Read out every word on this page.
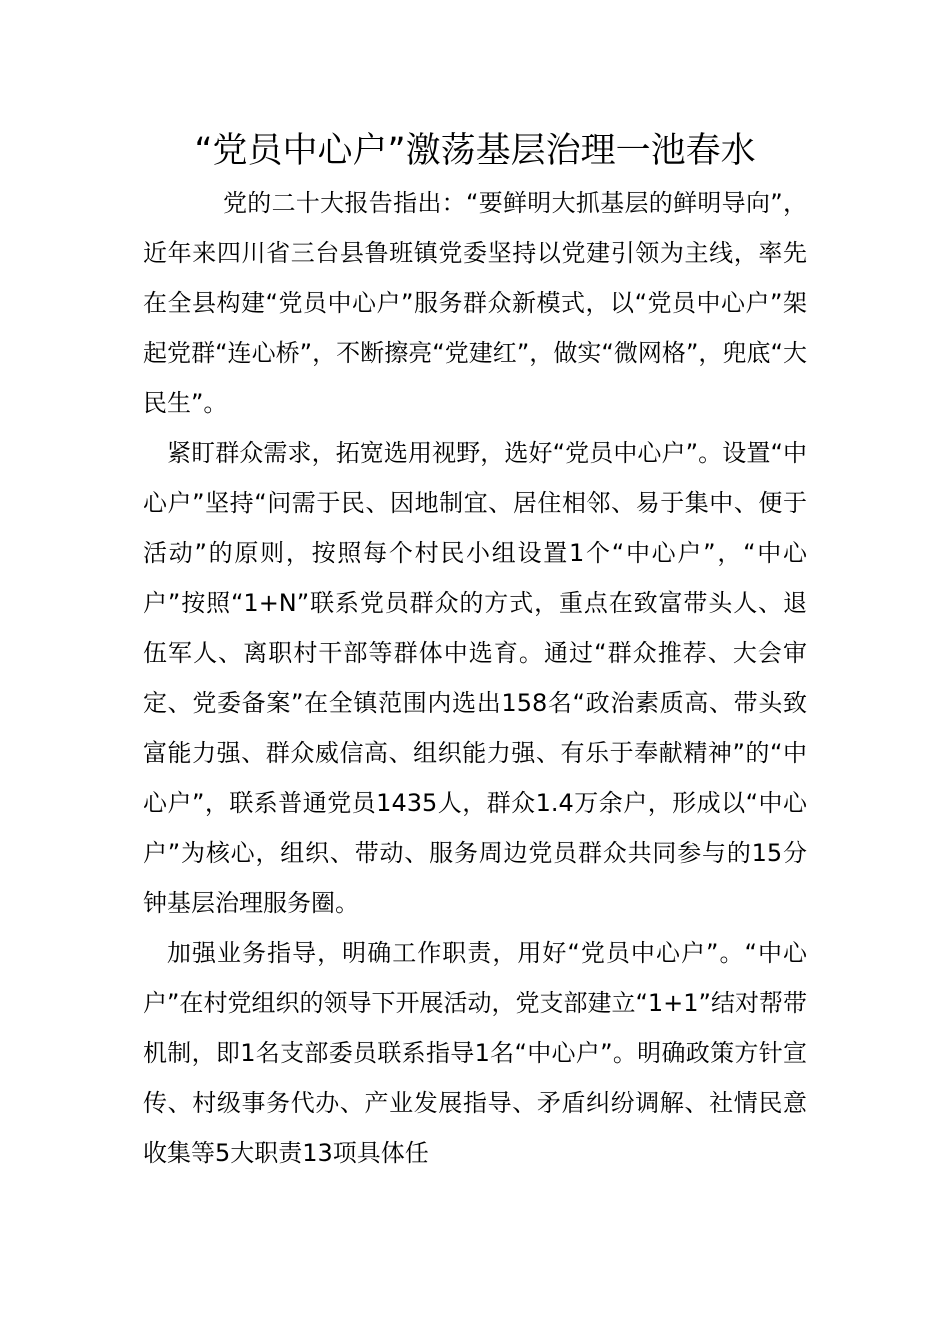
“党员中心户”激荡基层治理一池春水

党的二十大报告指出：“要鲜明大抓基层的鲜明导向”，近年来四川省三台县鲁班镇党委坚持以党建引领为主线，率先在全县构建“党员中心户”服务群众新模式，以“党员中心户”架起党群“连心桥”，不断擦亮“党建红”，做实“微网格”，兜底“大民生”。

紧盯群众需求，拓宽选用视野，选好“党员中心户”。设置“中心户”坚持“问需于民、因地制宜、居住相邻、易于集中、便于活动”的原则，按照每个村民小组设置1个“中心户”，“中心户”按照“1+N”联系党员群众的方式，重点在致富带头人、退伍军人、离职村干部等群体中选育。通过“群众推荐、大会审定、党委备案”在全镇范围内选出158名“政治素质高、带头致富能力强、群众威信高、组织能力强、有乐于奉献精神”的“中心户”，联系普通党员1435人，群众1.4万余户，形成以“中心户”为核心，组织、带动、服务周边党员群众共同参与的15分钟基层治理服务圈。

加强业务指导，明确工作职责，用好“党员中心户”。“中心户”在村党组织的领导下开展活动，党支部建立“1+1”结对帮带机制，即1名支部委员联系指导1名“中心户”。明确政策方针宣传、村级事务代办、产业发展指导、矛盾纠纷调解、社情民意收集等5大职责13项具体任
